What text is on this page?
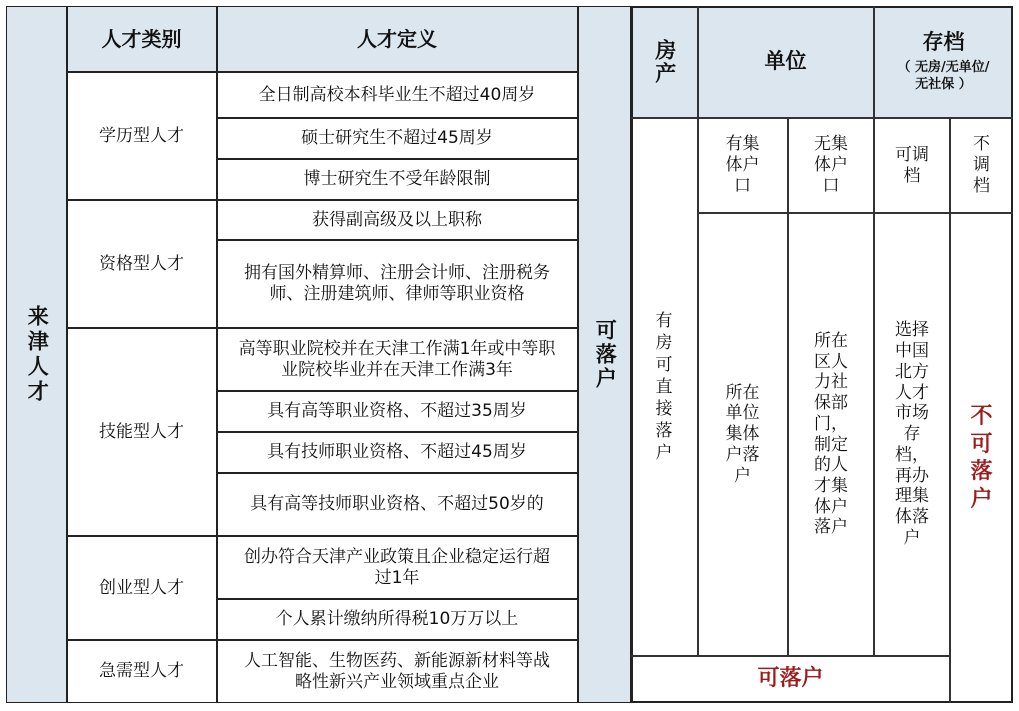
来津人才
人才类别	人才定义
可落户
房产	单位
存档
（ 无房/无单位/无社保 ）
学历型人才
资格型人才
技能型人才
创业型人才
急需型人才
全日制高校本科毕业生不超过40周岁
硕士研究生不超过45周岁
博士研究生不受年龄限制
获得副高级及以上职称
拥有国外精算师、注册会计师、注册税务师、注册建筑师、律师等职业资格
高等职业院校并在天津工作满1年或中等职业院校毕业并在天津工作满3年
具有高等职业资格、不超过35周岁
具有技师职业资格、不超过45周岁
具有高等技师职业资格、不超过50岁的
创办符合天津产业政策且企业稳定运行超过1年
个人累计缴纳所得税10万万以上
人工智能、生物医药、新能源新材料等战略性新兴产业领域重点企业
有集体户口
无集体户口
可调档
不调档
有房可直接落户
所在单位集体户落户
所在区人力社保部门，制定的人才集体户落户
选择中国北方人才市场存档，再办理集体落户
不可落户
可落户
